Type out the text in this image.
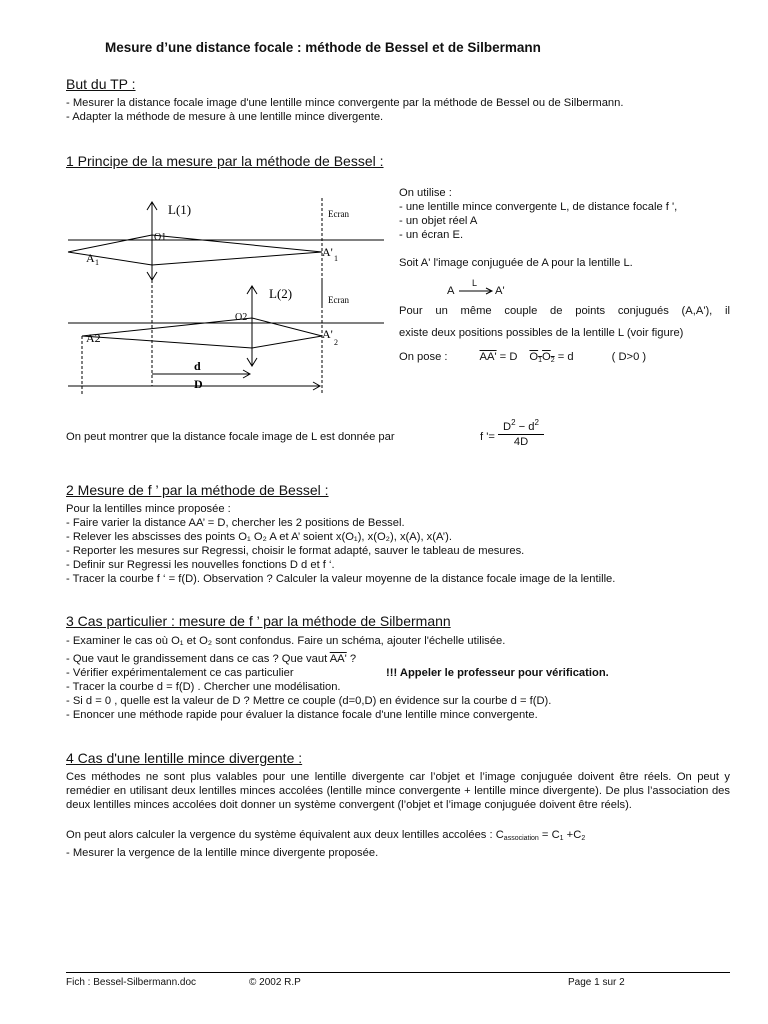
Mesure d’une distance focale : méthode de Bessel et de Silbermann
But du TP :
- Mesurer la distance focale image d'une lentille mince convergente par la méthode de Bessel ou de Silbermann.
- Adapter la méthode de mesure à une lentille mince divergente.
1 Principe de la mesure par la méthode de Bessel :
L(1)	Ecran
O1
A 1
A' 1
L(2)	Ecran
O2
A2	A'
2
d
D
On utilise :
- une lentille mince convergente L, de distance focale f ',
- un objet réel A
- un écran E.
Soit A' l'image conjuguée de A pour la lentille L.
A
L
A'
Pour un même couple de points conjugués (A,A'), il
existe deux positions possibles de la lentille L (voir figure)
On pose :	AA' = D $O_1O_2 = d$	( D>0 )
On peut montrer que la distance focale image de L est donnée par	f '= $\frac{D^2 - d^2}{4D}$
2 Mesure de f ’ par la méthode de Bessel :
Pour la lentilles mince proposée :
- Faire varier la distance AA’ = D, chercher les 2 positions de Bessel.
- Relever les abscisses des points O₁ O₂ A et A’ soient x(O₁), x(O₂), x(A), x(A’).
- Reporter les mesures sur Regressi, choisir le format adapté, sauver le tableau de mesures.
- Definir sur Regressi les nouvelles fonctions D d et f ‘.
- Tracer la courbe f ‘ = f(D). Observation ? Calculer la valeur moyenne de la distance focale image de la lentille.
3 Cas particulier : mesure de f ’ par la méthode de Silbermann
- Examiner le cas où O₁ et O₂ sont confondus. Faire un schéma, ajouter l'échelle utilisée.
- Que vaut le grandissement dans ce cas ? Que vaut AA' ?
- Vérifier expérimentalement ce cas particulier	!!! Appeler le professeur pour vérification.
- Tracer la courbe d = f(D) . Chercher une modélisation.
- Si d = 0 , quelle est la valeur de D ? Mettre ce couple (d=0,D) en évidence sur la courbe d = f(D).
- Enoncer une méthode rapide pour évaluer la distance focale d'une lentille mince convergente.
4 Cas d'une lentille mince divergente :
Ces méthodes ne sont plus valables pour une lentille divergente car l’objet et l’image conjuguée doivent être réels. On peut y remédier en utilisant deux lentilles minces accolées (lentille mince convergente + lentille mince divergente). De plus l’association des deux lentilles minces accolées doit donner un système convergent (l’objet et l’image conjuguée doivent être réels).
On peut alors calculer la vergence du système équivalent aux deux lentilles accolées : $C_{association} = C_1 +C_2$
- Mesurer la vergence de la lentille mince divergente proposée.
Fich : Bessel-Silbermann.doc	© 2002 R.P	Page 1 sur 2
